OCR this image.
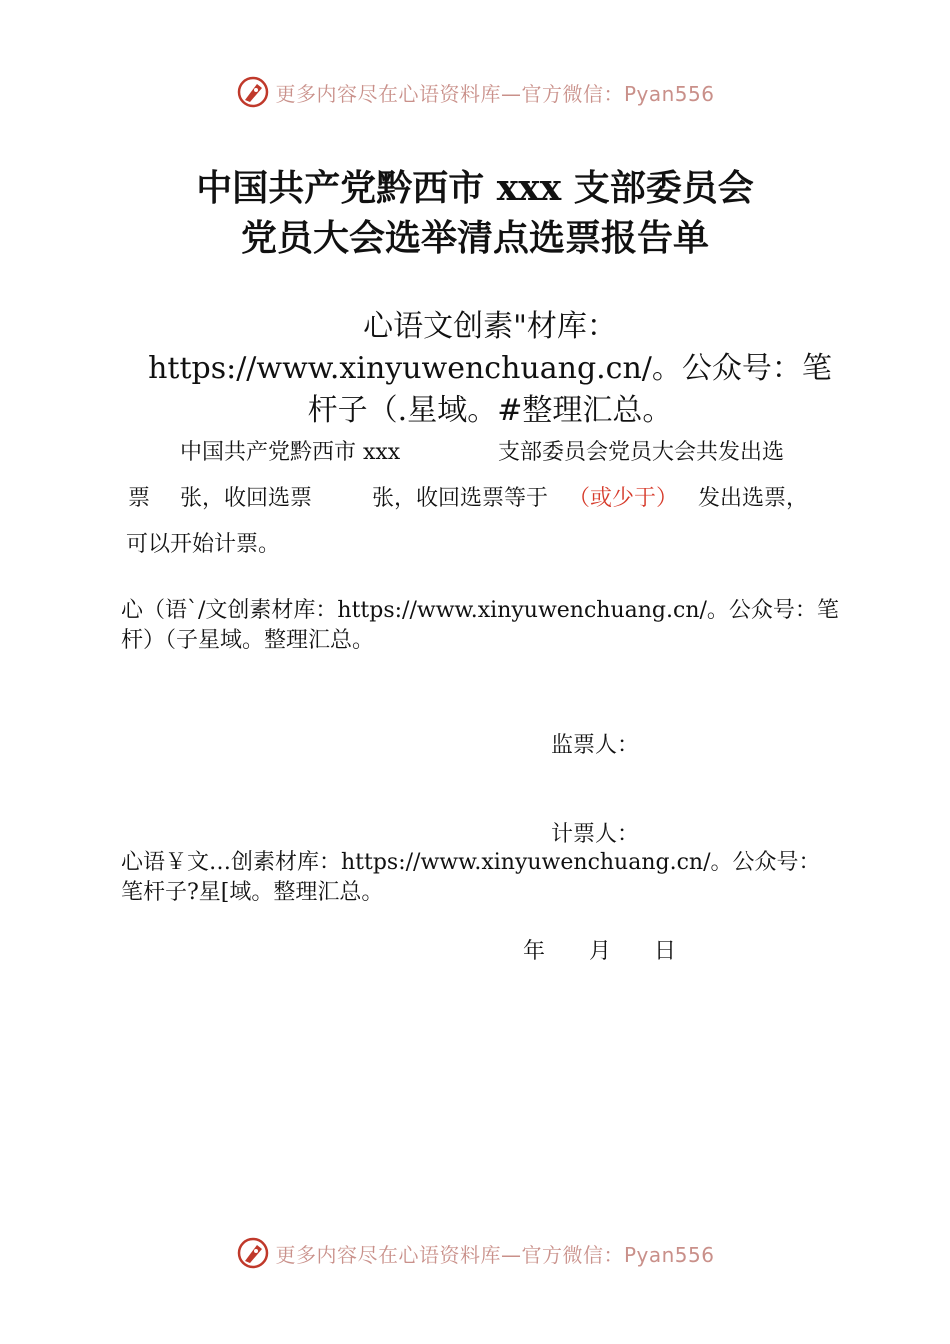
更多内容尽在心语资料库—官方微信：Pyan556
中国共产党黔西市 xxx 支部委员会
党员大会选举清点选票报告单
心语文创素"材库：https://www.xinyuwenchuang.cn/。公众号：笔杆子（.星域。#整理汇总。
中国共产党黔西市 xxx	支部委员会党员大会共发出选
票 张，收回选票	张，收回选票等于 （或少于） 发出选票，
可以开始计票。
心（语`/文创素材库：https://www.xinyuwenchuang.cn/。公众号：笔杆）（子星域。整理汇总。
监票人：
计票人：
心语￥文…创素材库：https://www.xinyuwenchuang.cn/。公众号：笔杆子?星[域。整理汇总。
年 月 日
更多内容尽在心语资料库—官方微信：Pyan556
